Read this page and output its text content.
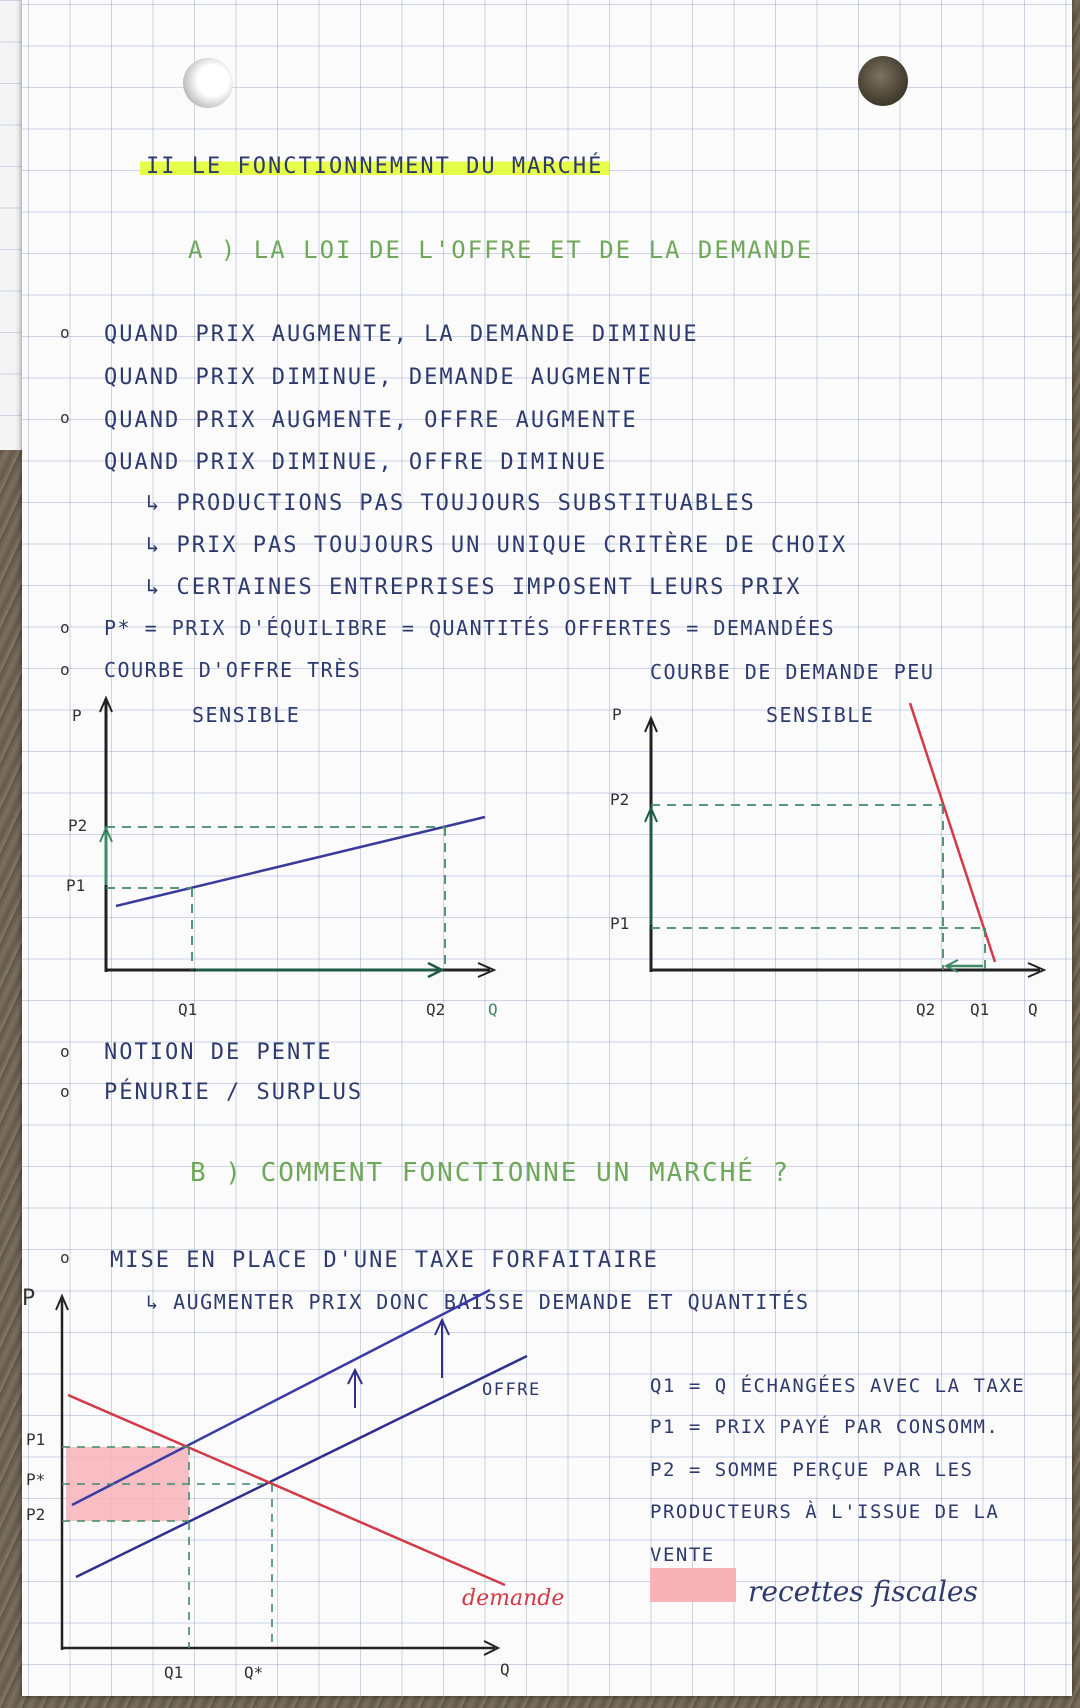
II LE FONCTIONNEMENT DU MARCHÉ
A ) LA LOI DE L'OFFRE ET DE LA DEMANDE
o QUAND PRIX AUGMENTE, LA DEMANDE DIMINUE
QUAND PRIX DIMINUE, DEMANDE AUGMENTE
o QUAND PRIX AUGMENTE, OFFRE AUGMENTE
QUAND PRIX DIMINUE, OFFRE DIMINUE
↳ PRODUCTIONS PAS TOUJOURS SUBSTITUABLES
↳ PRIX PAS TOUJOURS UN UNIQUE CRITÈRE DE CHOIX
↳ CERTAINES ENTREPRISES IMPOSENT LEURS PRIX
o P* = PRIX D'ÉQUILIBRE = QUANTITÉS OFFERTES = DEMANDÉES
o COURBE D'OFFRE TRÈS
SENSIBLE
COURBE DE DEMANDE PEU
SENSIBLE
P
P2
P1
Q1	Q2	Q
P
P2
P1
Q2 Q1 Q
o NOTION DE PENTE
o PÉNURIE / SURPLUS
B ) COMMENT FONCTIONNE UN MARCHÉ ?
o MISE EN PLACE D'UNE TAXE FORFAITAIRE
↳ AUGMENTER PRIX DONC BAISSE DEMANDE ET QUANTITÉS
P
P1
P*
P2
Q1	Q*	Q
OFFRE
demande
Q1 = Q ÉCHANGÉES AVEC LA TAXE
P1 = PRIX PAYÉ PAR CONSOMM.
P2 = SOMME PERÇUE PAR LES
PRODUCTEURS À L'ISSUE DE LA
VENTE
recettes fiscales
